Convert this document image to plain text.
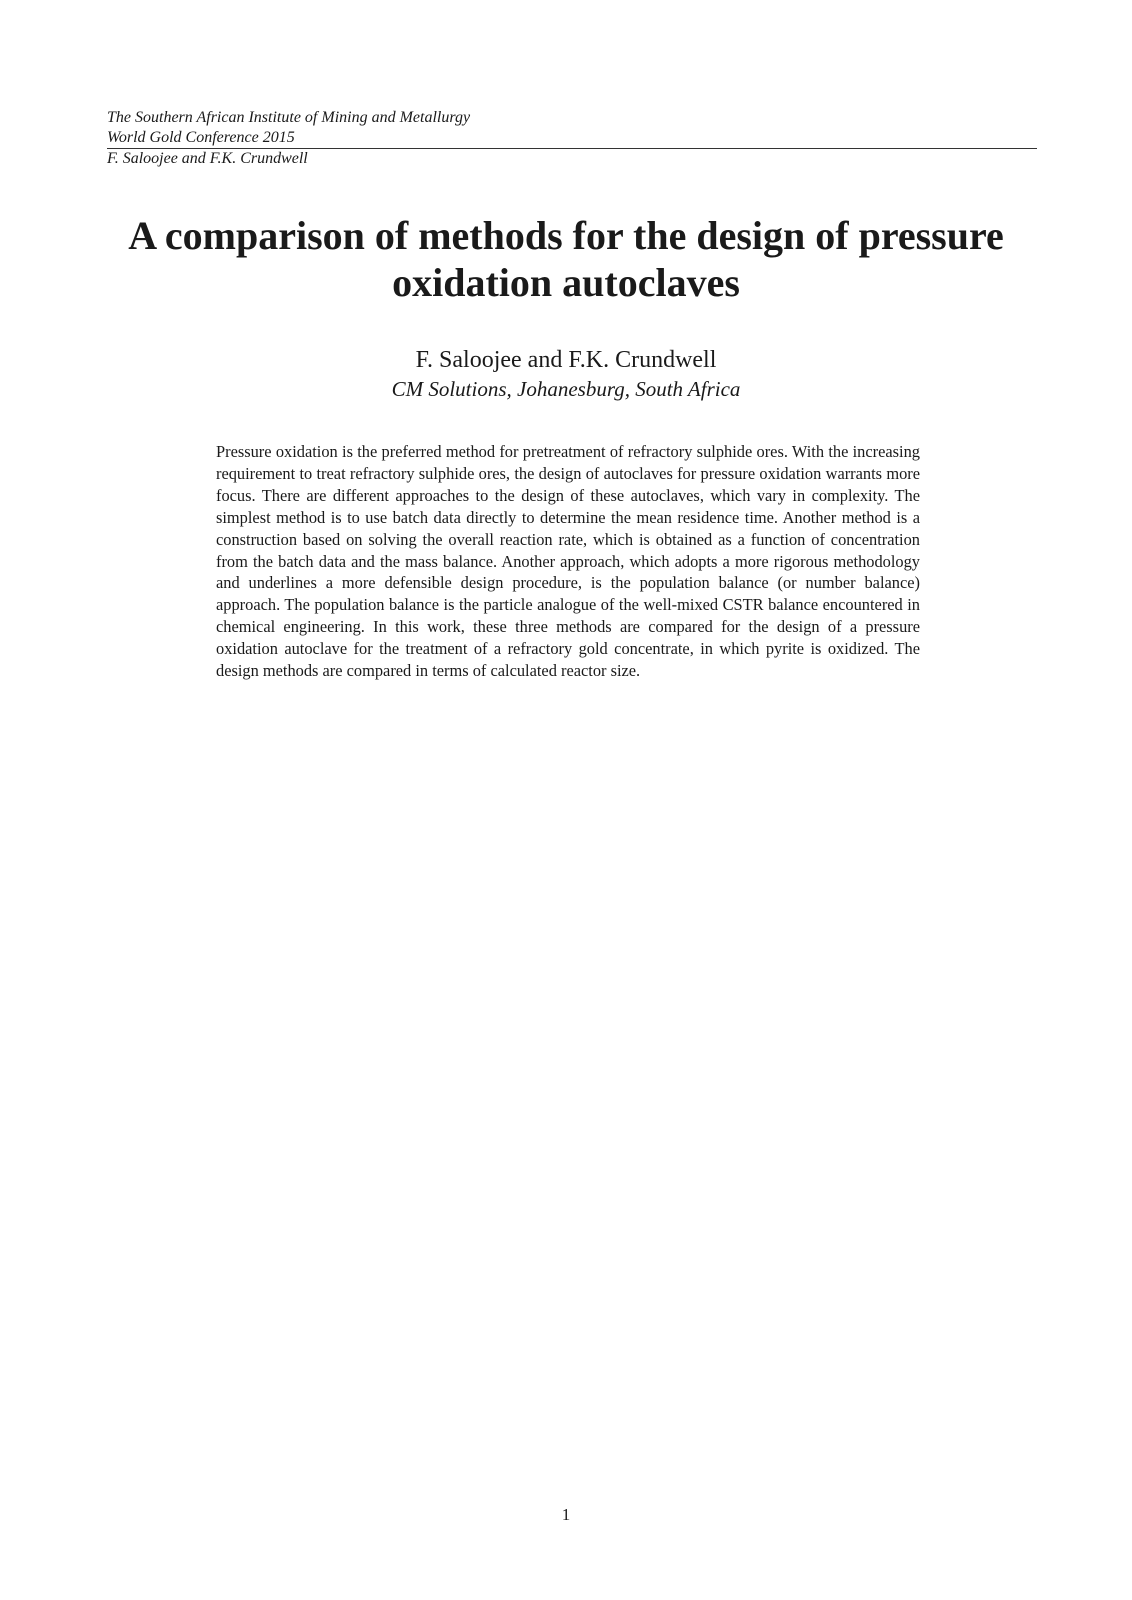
The Southern African Institute of Mining and Metallurgy

World Gold Conference 2015

F. Saloojee and F.K. Crundwell

A comparison of methods for the design of pressure
oxidation autoclaves

F. Saloojee and F.K. Crundwell

CM Solutions, Johanesburg, South Africa

Pressure oxidation is the preferred method for pretreatment of refractory sulphide ores. With the increasing requirement to treat refractory sulphide ores, the design of autoclaves for pressure oxidation warrants more focus. There are different approaches to the design of these autoclaves, which vary in complexity. The simplest method is to use batch data directly to determine the mean residence time. Another method is a construction based on solving the overall reaction rate, which is obtained as a function of concentration from the batch data and the mass balance. Another approach, which adopts a more rigorous methodology and underlines a more defensible design procedure, is the population balance (or number balance) approach. The population balance is the particle analogue of the well-mixed CSTR balance encountered in chemical engineering. In this work, these three methods are compared for the design of a pressure oxidation autoclave for the treatment of a refractory gold concentrate, in which pyrite is oxidized. The design methods are compared in terms of calculated reactor size.

1
